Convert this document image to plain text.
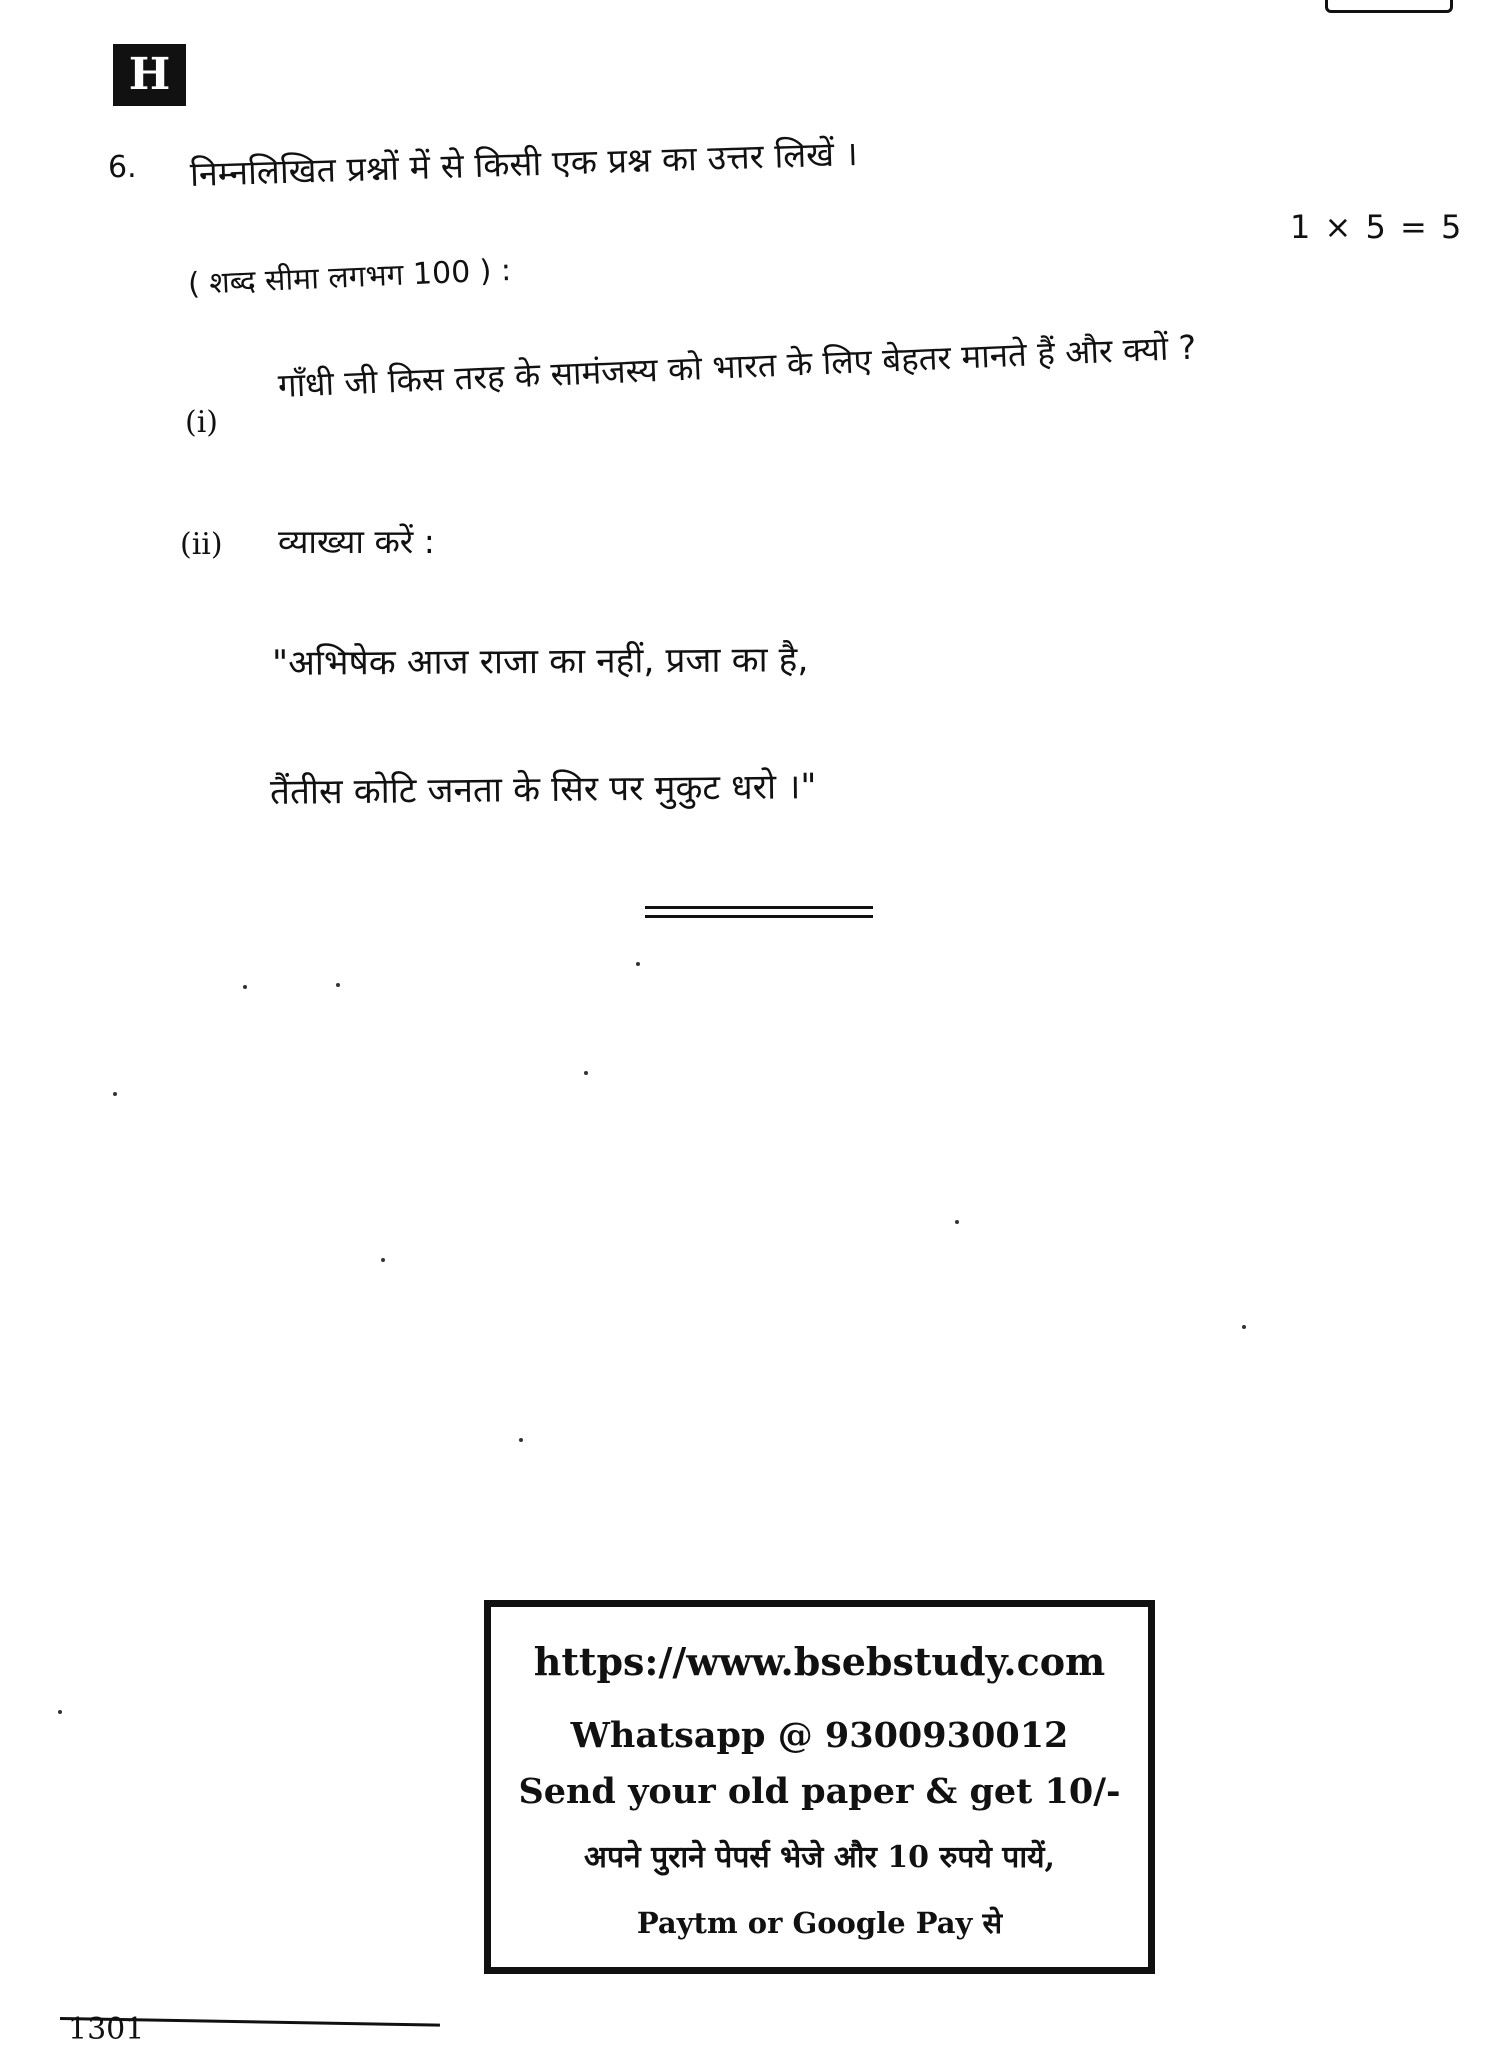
H
6. निम्नलिखित प्रश्नों में से किसी एक प्रश्न का उत्तर लिखें ।
1 × 5 = 5
( शब्द सीमा लगभग 100 ) :
(i)
गाँधी जी किस तरह के सामंजस्य को भारत के लिए बेहतर मानते हैं और क्यों ?
(ii) व्याख्या करें :
"अभिषेक आज राजा का नहीं, प्रजा का है,
तैंतीस कोटि जनता के सिर पर मुकुट धरो ।"
https://www.bsebstudy.com
Whatsapp @ 9300930012
Send your old paper & get 10/-
अपने पुराने पेपर्स भेजे और 10 रुपये पायें,
Paytm or Google Pay से
1301
